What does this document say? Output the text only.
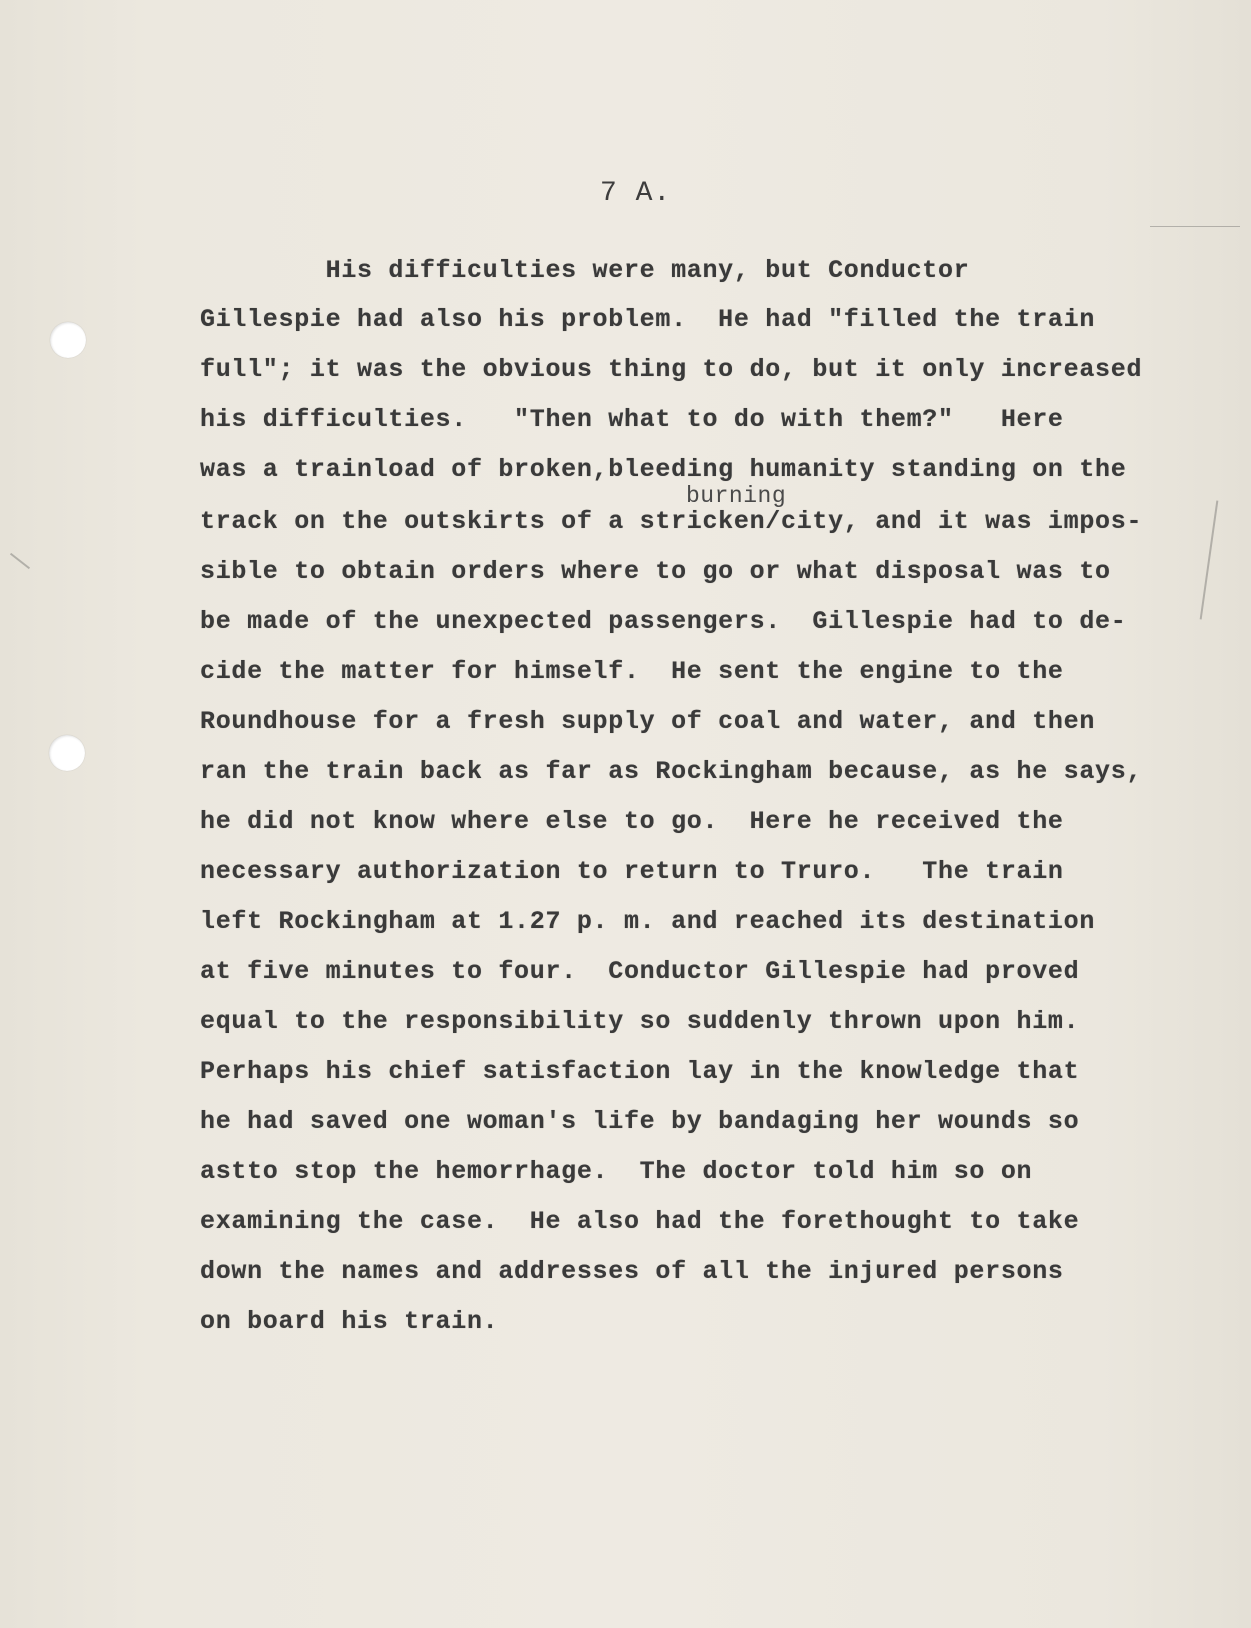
7 A.
His difficulties were many, but Conductor
Gillespie had also his problem.  He had "filled the train
full"; it was the obvious thing to do, but it only increased
his difficulties.   "Then what to do with them?"   Here
was a trainload of broken,bleeding humanity standing on the
burning
track on the outskirts of a stricken/city, and it was impos-
sible to obtain orders where to go or what disposal was to
be made of the unexpected passengers.  Gillespie had to de-
cide the matter for himself.  He sent the engine to the
Roundhouse for a fresh supply of coal and water, and then
ran the train back as far as Rockingham because, as he says,
he did not know where else to go.  Here he received the
necessary authorization to return to Truro.   The train
left Rockingham at 1.27 p. m. and reached its destination
at five minutes to four.  Conductor Gillespie had proved
equal to the responsibility so suddenly thrown upon him.
Perhaps his chief satisfaction lay in the knowledge that
he had saved one woman's life by bandaging her wounds so
astto stop the hemorrhage.  The doctor told him so on
examining the case.  He also had the forethought to take
down the names and addresses of all the injured persons
on board his train.
